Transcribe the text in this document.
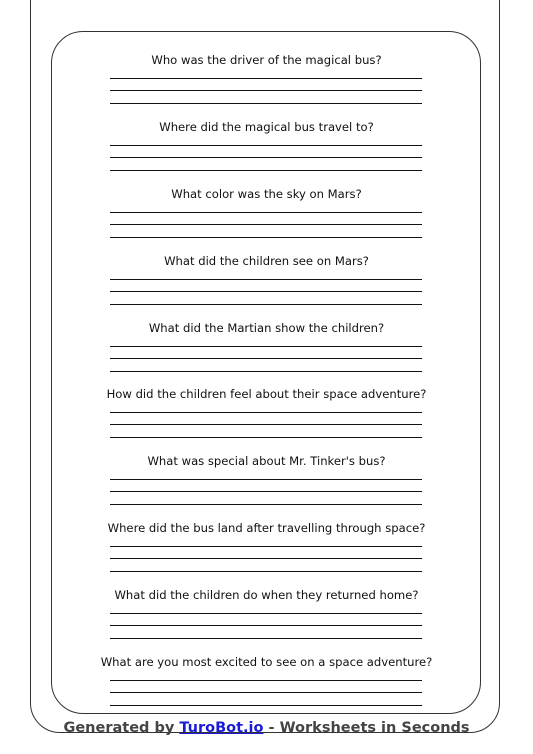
Who was the driver of the magical bus?
Where did the magical bus travel to?
What color was the sky on Mars?
What did the children see on Mars?
What did the Martian show the children?
How did the children feel about their space adventure?
What was special about Mr. Tinker's bus?
Where did the bus land after travelling through space?
What did the children do when they returned home?
What are you most excited to see on a space adventure?
Generated by TuroBot.io - Worksheets in Seconds
